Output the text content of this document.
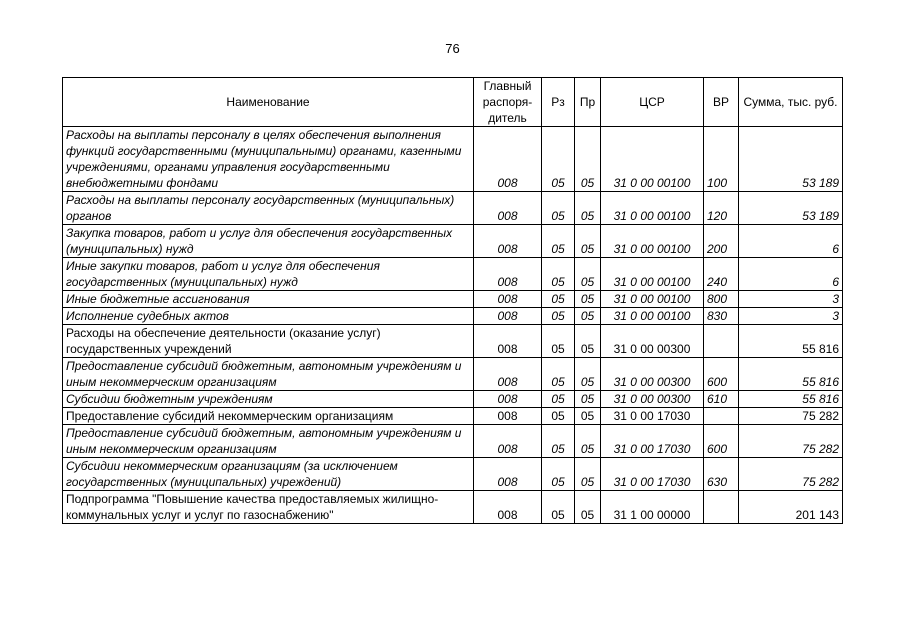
76
Наименование	Главный распоря-дитель	Рз	Пр	ЦСР	ВР	Сумма, тыс. руб.
Расходы на выплаты персоналу в целях обеспечения выполнения функций государственными (муниципальными) органами, казенными учреждениями, органами управления государственными внебюджетными фондами	008	05	05	31 0 00 00100	100	53 189
Расходы на выплаты персоналу государственных (муниципальных) органов	008	05	05	31 0 00 00100	120	53 189
Закупка товаров, работ и услуг для обеспечения государственных (муниципальных) нужд	008	05	05	31 0 00 00100	200	6
Иные закупки товаров, работ и услуг для обеспечения государственных (муниципальных) нужд	008	05	05	31 0 00 00100	240	6
Иные бюджетные ассигнования	008	05	05	31 0 00 00100	800	3
Исполнение судебных актов	008	05	05	31 0 00 00100	830	3
Расходы на обеспечение деятельности (оказание услуг) государственных учреждений	008	05	05	31 0 00 00300		55 816
Предоставление субсидий бюджетным, автономным учреждениям и иным некоммерческим организациям	008	05	05	31 0 00 00300	600	55 816
Субсидии бюджетным учреждениям	008	05	05	31 0 00 00300	610	55 816
Предоставление субсидий некоммерческим организациям	008	05	05	31 0 00 17030		75 282
Предоставление субсидий бюджетным, автономным учреждениям и иным некоммерческим организациям	008	05	05	31 0 00 17030	600	75 282
Субсидии некоммерческим организациям (за исключением государственных (муниципальных) учреждений)	008	05	05	31 0 00 17030	630	75 282
Подпрограмма "Повышение качества предоставляемых жилищно-коммунальных услуг и услуг по газоснабжению"	008	05	05	31 1 00 00000		201 143
